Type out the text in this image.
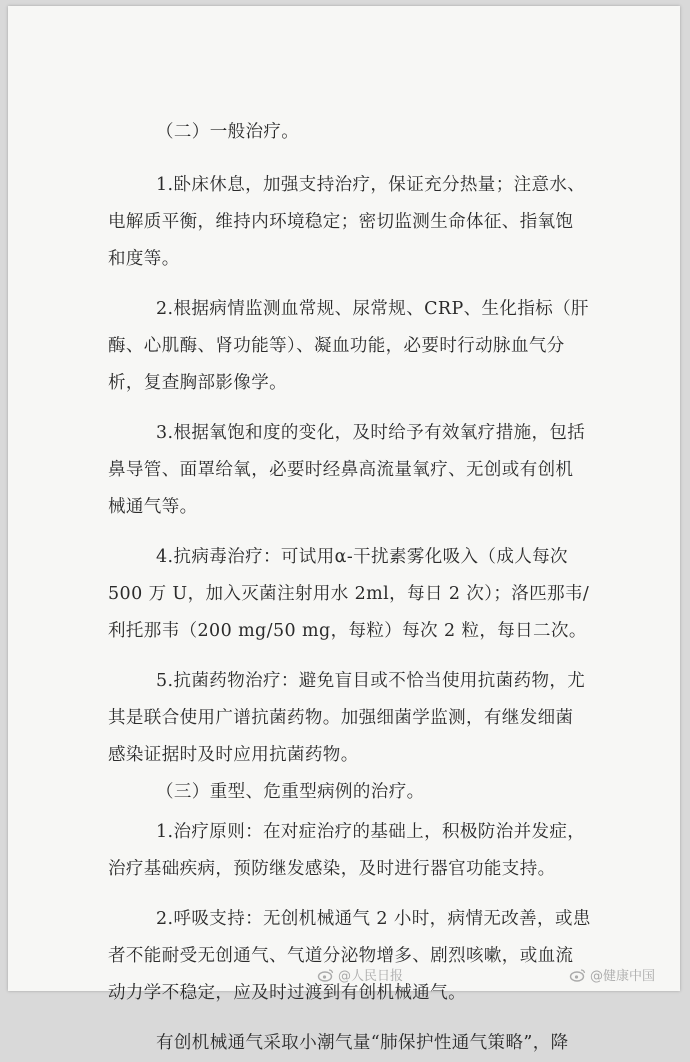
（二）一般治疗。
1.卧床休息，加强支持治疗，保证充分热量；注意水、
电解质平衡，维持内环境稳定；密切监测生命体征、指氧饱
和度等。
2.根据病情监测血常规、尿常规、CRP、生化指标（肝
酶、心肌酶、肾功能等）、凝血功能，必要时行动脉血气分
析，复查胸部影像学。
3.根据氧饱和度的变化，及时给予有效氧疗措施，包括
鼻导管、面罩给氧，必要时经鼻高流量氧疗、无创或有创机
械通气等。
4.抗病毒治疗：可试用α-干扰素雾化吸入（成人每次
500 万 U，加入灭菌注射用水 2ml，每日 2 次）；洛匹那韦/
利托那韦（200 mg/50 mg，每粒）每次 2 粒，每日二次。
5.抗菌药物治疗：避免盲目或不恰当使用抗菌药物，尤
其是联合使用广谱抗菌药物。加强细菌学监测，有继发细菌
感染证据时及时应用抗菌药物。
（三）重型、危重型病例的治疗。
1.治疗原则：在对症治疗的基础上，积极防治并发症，
治疗基础疾病，预防继发感染，及时进行器官功能支持。
2.呼吸支持：无创机械通气 2 小时，病情无改善，或患
者不能耐受无创通气、气道分泌物增多、剧烈咳嗽，或血流
动力学不稳定，应及时过渡到有创机械通气。
有创机械通气采取小潮气量“肺保护性通气策略”，降
@人民日报	@健康中国
